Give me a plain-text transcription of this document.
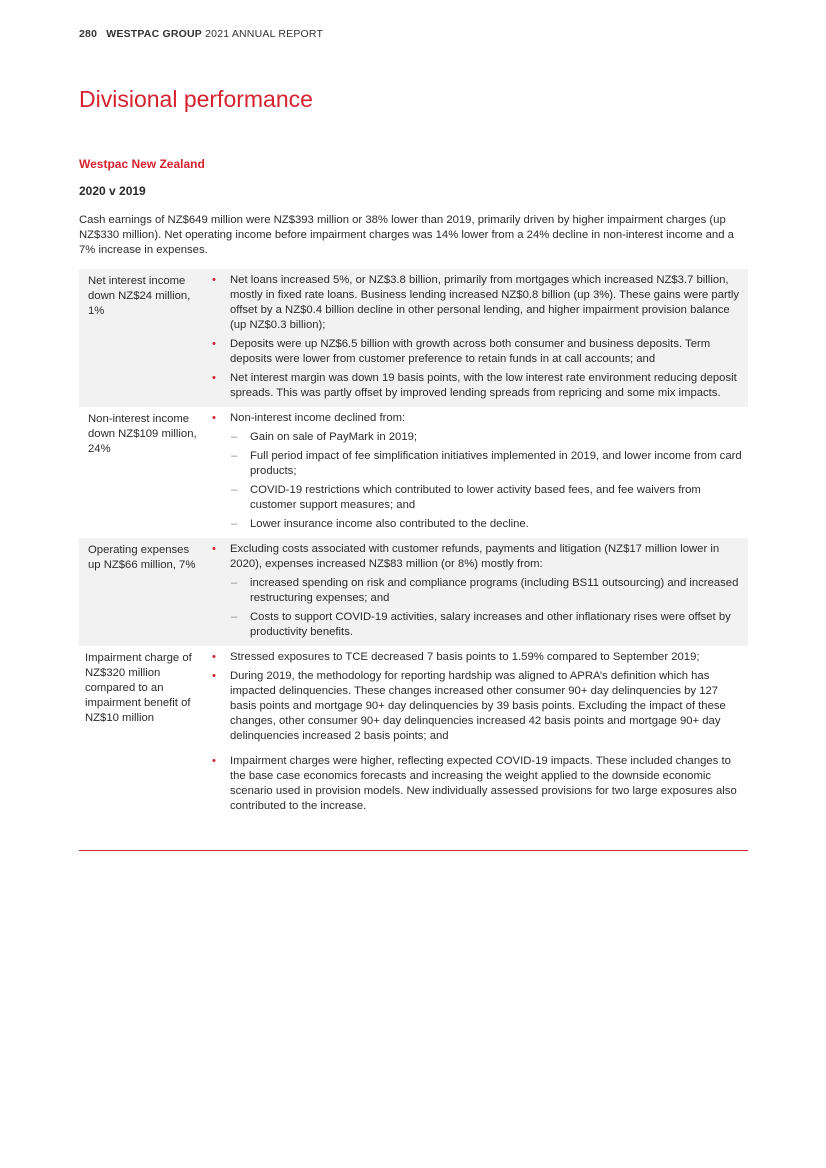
280 WESTPAC GROUP 2021 ANNUAL REPORT
Divisional performance
Westpac New Zealand
2020 v 2019

Cash earnings of NZ$649 million were NZ$393 million or 38% lower than 2019, primarily driven by higher impairment charges (up NZ$330 million). Net operating income before impairment charges was 14% lower from a 24% decline in non-interest income and a 7% increase in expenses.

Net interest income down NZ$24 million, 1%
• Net loans increased 5%, or NZ$3.8 billion, primarily from mortgages which increased NZ$3.7 billion, mostly in fixed rate loans. Business lending increased NZ$0.8 billion (up 3%). These gains were partly offset by a NZ$0.4 billion decline in other personal lending, and higher impairment provision balance (up NZ$0.3 billion);
• Deposits were up NZ$6.5 billion with growth across both consumer and business deposits. Term deposits were lower from customer preference to retain funds in at call accounts; and
• Net interest margin was down 19 basis points, with the low interest rate environment reducing deposit spreads. This was partly offset by improved lending spreads from repricing and some mix impacts.
Non-interest income down NZ$109 million, 24%
• Non-interest income declined from:
– Gain on sale of PayMark in 2019;
– Full period impact of fee simplification initiatives implemented in 2019, and lower income from card products;
– COVID-19 restrictions which contributed to lower activity based fees, and fee waivers from customer support measures; and
– Lower insurance income also contributed to the decline.
Operating expenses up NZ$66 million, 7%
• Excluding costs associated with customer refunds, payments and litigation (NZ$17 million lower in 2020), expenses increased NZ$83 million (or 8%) mostly from:
– increased spending on risk and compliance programs (including BS11 outsourcing) and increased restructuring expenses; and
– Costs to support COVID-19 activities, salary increases and other inflationary rises were offset by productivity benefits.
Impairment charge of NZ$320 million compared to an impairment benefit of NZ$10 million
• Stressed exposures to TCE decreased 7 basis points to 1.59% compared to September 2019;
• During 2019, the methodology for reporting hardship was aligned to APRA’s definition which has impacted delinquencies. These changes increased other consumer 90+ day delinquencies by 127 basis points and mortgage 90+ day delinquencies by 39 basis points. Excluding the impact of these changes, other consumer 90+ day delinquencies increased 42 basis points and mortgage 90+ day delinquencies increased 2 basis points; and
• Impairment charges were higher, reflecting expected COVID-19 impacts. These included changes to the base case economics forecasts and increasing the weight applied to the downside economic scenario used in provision models. New individually assessed provisions for two large exposures also contributed to the increase.
